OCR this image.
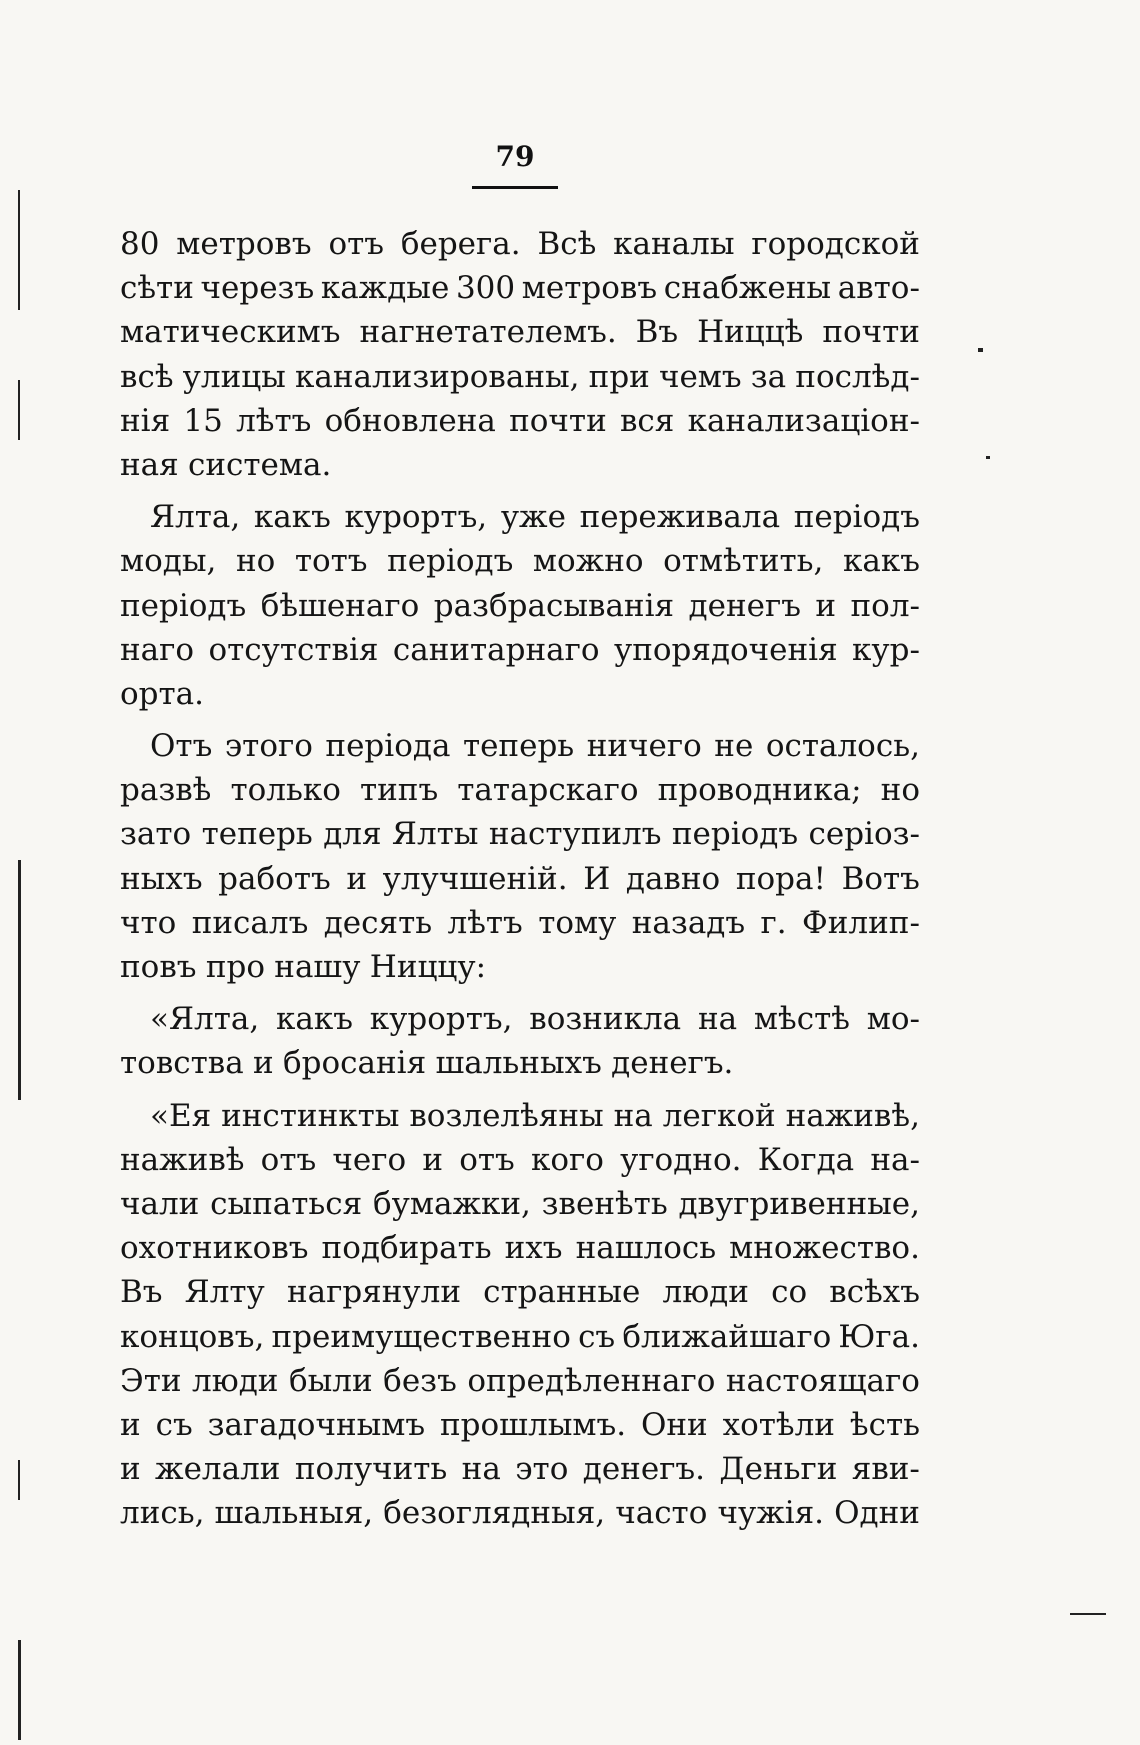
79
80 метровъ отъ берега. Всѣ каналы городской
сѣти черезъ каждые 300 метровъ снабжены авто-
матическимъ нагнетателемъ. Въ Ниццѣ почти
всѣ улицы канализированы, при чемъ за послѣд-
нія 15 лѣтъ обновлена почти вся канализаціон-
ная система.
Ялта, какъ курортъ, уже переживала періодъ
моды, но тотъ періодъ можно отмѣтить, какъ
періодъ бѣшенаго разбрасыванія денегъ и пол-
наго отсутствія санитарнаго упорядоченія кур-
орта.
Отъ этого періода теперь ничего не осталось,
развѣ только типъ татарскаго проводника; но
зато теперь для Ялты наступилъ періодъ серіоз-
ныхъ работъ и улучшеній. И давно пора! Вотъ
что писалъ десять лѣтъ тому назадъ г. Филип-
повъ про нашу Ниццу:
«Ялта, какъ курортъ, возникла на мѣстѣ мо-
товства и бросанія шальныхъ денегъ.
«Ея инстинкты возлелѣяны на легкой наживѣ,
наживѣ отъ чего и отъ кого угодно. Когда на-
чали сыпаться бумажки, звенѣть двугривенные,
охотниковъ подбирать ихъ нашлось множество.
Въ Ялту нагрянули странные люди со всѣхъ
концовъ, преимущественно съ ближайшаго Юга.
Эти люди были безъ опредѣленнаго настоящаго
и съ загадочнымъ прошлымъ. Они хотѣли ѣсть
и желали получить на это денегъ. Деньги яви-
лись, шальныя, безоглядныя, часто чужія. Одни
